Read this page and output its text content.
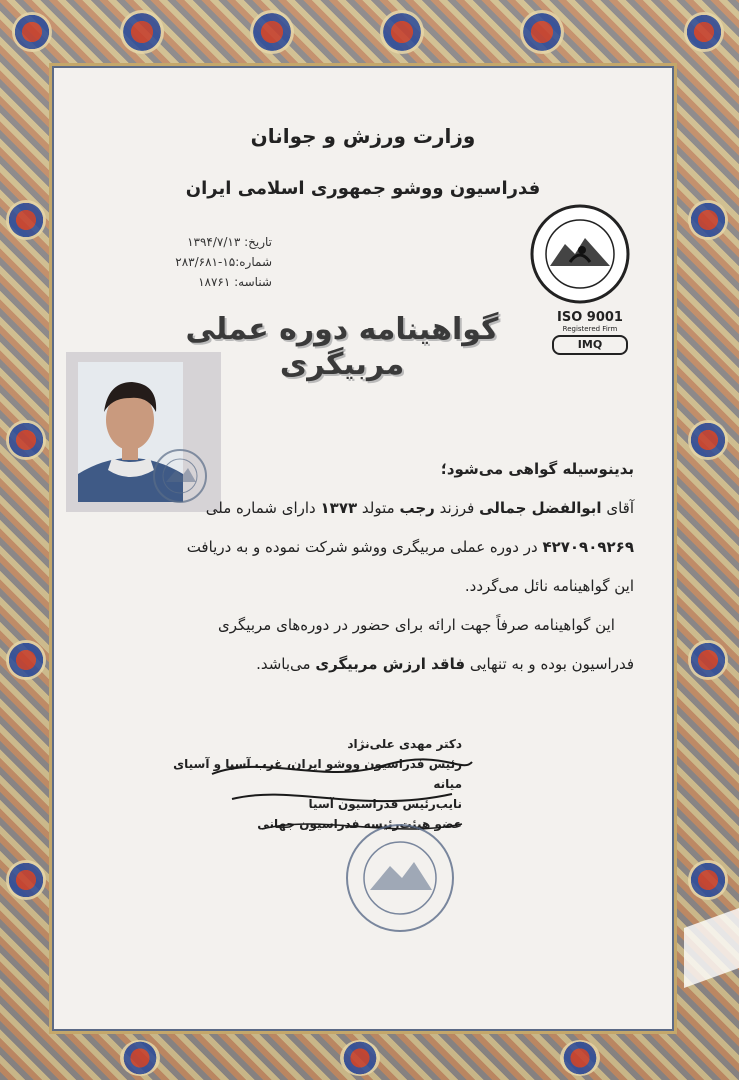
وزارت ورزش و جوانان
فدراسیون ووشو جمهوری اسلامی ایران
تاریخ: ۱۳۹۴/۷/۱۳
شماره:۱۵-۲۸۳/۶۸۱
شناسه: ۱۸۷۶۱
ISO 9001
Registered Firm
IMQ
گواهینامه دوره عملی مربیگری
بدینوسیله گواهی می‌شود؛
آقای ابوالفضل جمالی فرزند رجب متولد ۱۳۷۳ دارای شماره ملی
۴۲۷۰۹۰۹۲۶۹ در دوره عملی مربیگری ووشو شرکت نموده و به دریافت
این گواهینامه نائل می‌گردد.
این گواهینامه صرفاً جهت ارائه برای حضور در دوره‌های مربیگری
فدراسیون بوده و به تنهایی فاقد ارزش مربیگری می‌باشد.
دکتر مهدی علی‌نژاد
رئیس فدراسیون ووشو ایران، غرب آسیا و آسیای میانه
نایب‌رئیس فدراسیون آسیا
عضو هیئت‌رئیسه فدراسیون جهانی
